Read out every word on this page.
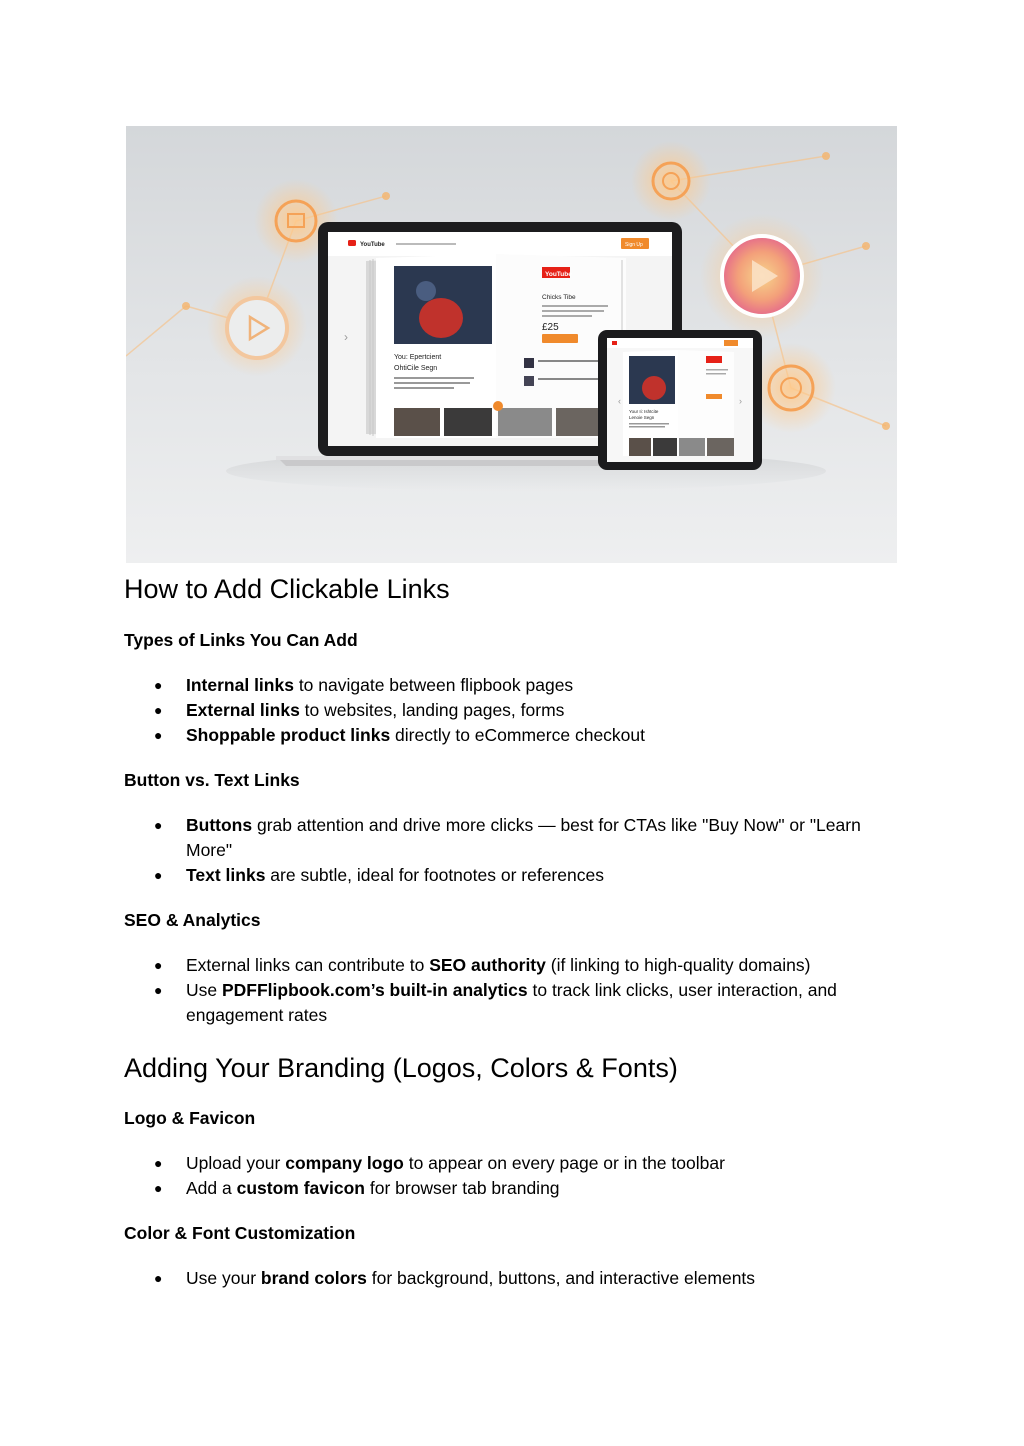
YouTube	Sign Up
You: Epertcient
OhtiCile Segn
YouTube
Chicks Tibe
£25
›
Your Ii: Ishtcite
Lenoie Segn
‹	›
How to Add Clickable Links
Types of Links You Can Add
● Internal links to navigate between flipbook pages
● External links to websites, landing pages, forms
● Shoppable product links directly to eCommerce checkout
Button vs. Text Links
● Buttons grab attention and drive more clicks — best for CTAs like "Buy Now" or "Learn More"
● Text links are subtle, ideal for footnotes or references
SEO & Analytics
● External links can contribute to SEO authority (if linking to high-quality domains)
● Use PDFFlipbook.com’s built-in analytics to track link clicks, user interaction, and engagement rates
Adding Your Branding (Logos, Colors & Fonts)
Logo & Favicon
● Upload your company logo to appear on every page or in the toolbar
● Add a custom favicon for browser tab branding
Color & Font Customization
● Use your brand colors for background, buttons, and interactive elements
